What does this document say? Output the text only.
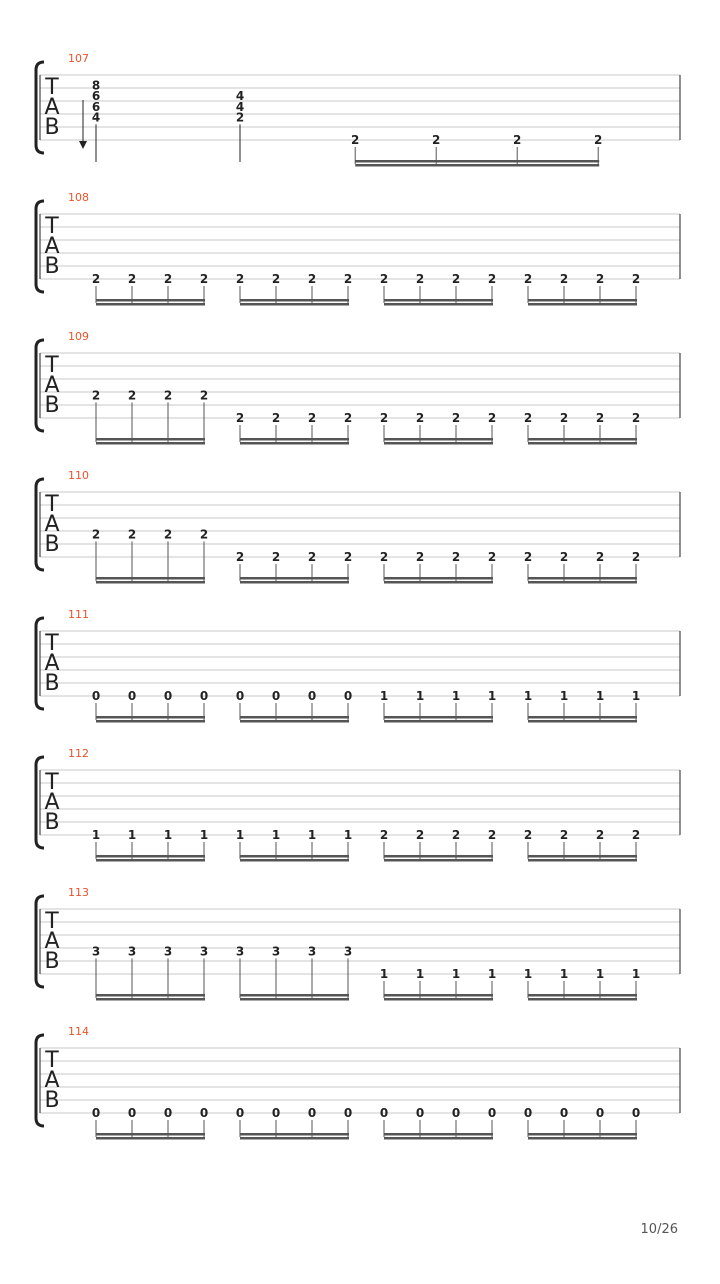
107
T
A
B
8
6
6
4
4
4
2
2	2	2	2
108
T
A
B	2 2 2 2 2 2 2 2 2 2 2 2 2 2 2 2
109
T
A
B	2 2 2 2
2 2 2 2 2 2 2 2 2 2 2 2
110
T
A
B	2 2 2 2
2 2 2 2 2 2 2 2 2 2 2 2
111
T
A
B	0 0 0 0 0 0 0 0 1 1 1 1 1 1 1 1
112
T
A
B	1 1 1 1 1 1 1 1 2 2 2 2 2 2 2 2
113
T
A
B	3 3 3 3 3 3 3 3
1 1 1 1 1 1 1 1
114
T
A
B	0 0 0 0 0 0 0 0 0 0 0 0 0 0 0 0
10/26
